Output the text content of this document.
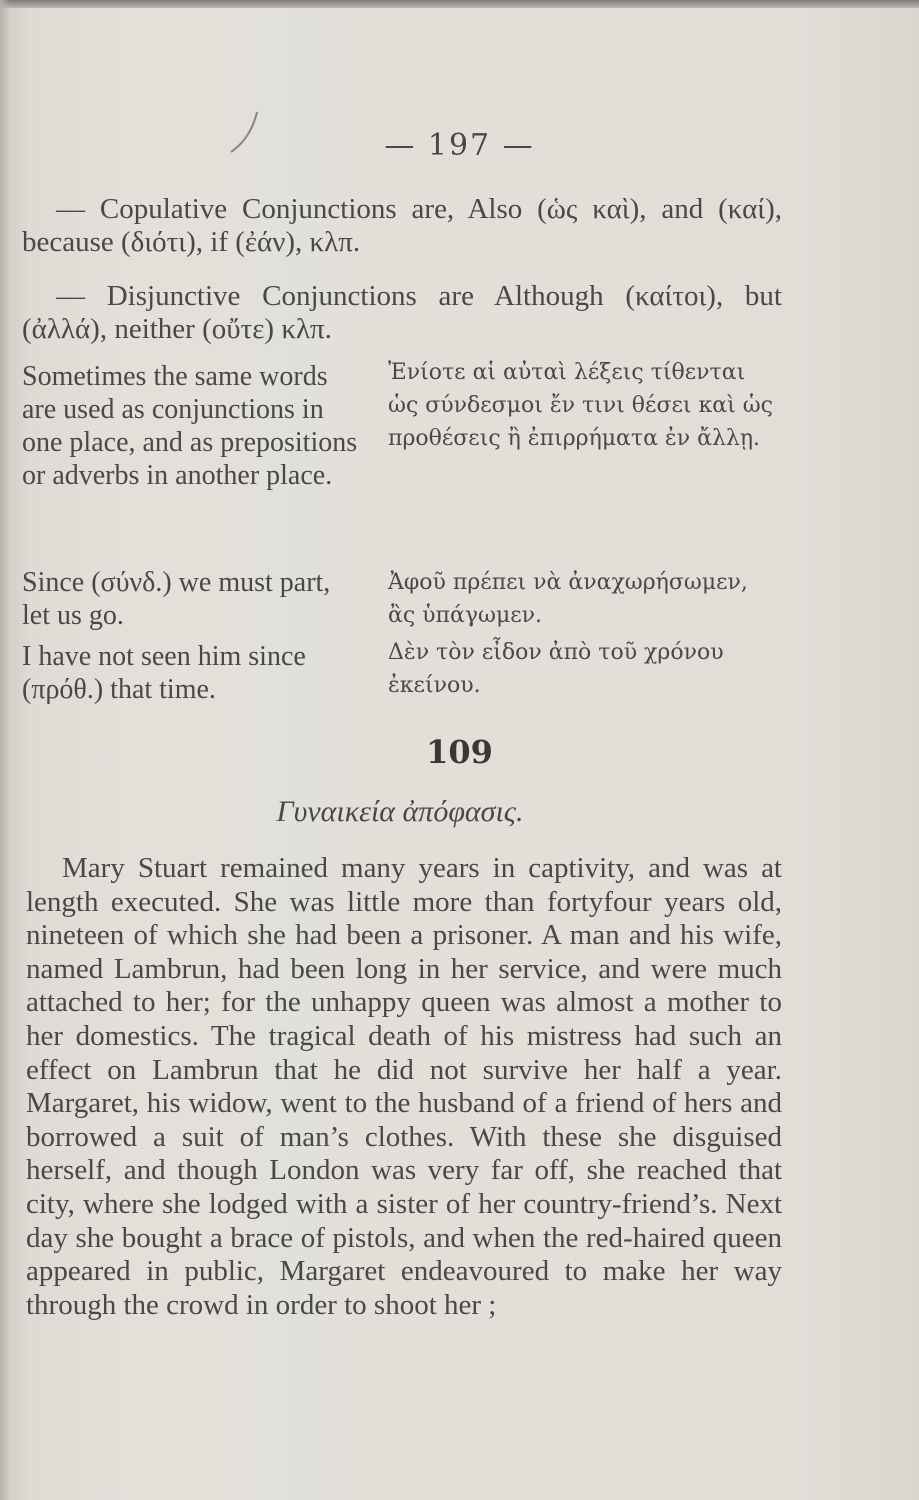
— 197 —
— Copulative Conjunctions are, Also (ὡς καὶ), and (καί), because (διότι), if (ἐάν), κλπ.
— Disjunctive Conjunctions are Although (καίτοι), but (ἀλλά), neither (οὔτε) κλπ.
Sometimes the same words are used as conjunctions in one place, and as prepositions or adverbs in another place.
Ἐνίοτε αἱ αὐταὶ λέξεις τίθενται ὡς σύνδεσμοι ἔν τινι θέσει καὶ ὡς προθέσεις ἢ ἐπιρρήματα ἐν ἄλλῃ.
Since (σύνδ.) we must part, let us go.
Ἀφοῦ πρέπει νὰ ἀναχωρήσωμεν, ἂς ὑπάγωμεν.
I have not seen him since (πρόθ.) that time.
Δὲν τὸν εἶδον ἀπὸ τοῦ χρόνου ἐκείνου.
109
Γυναικεία ἀπόφασις.
Mary Stuart remained many years in captivity, and was at length executed. She was little more than fortyfour years old, nineteen of which she had been a prisoner. A man and his wife, named Lambrun, had been long in her service, and were much attached to her; for the unhappy queen was almost a mother to her domestics. The tragical death of his mistress had such an effect on Lambrun that he did not survive her half a year. Margaret, his widow, went to the husband of a friend of hers and borrowed a suit of man’s clothes. With these she disguised herself, and though London was very far off, she reached that city, where she lodged with a sister of her country-friend’s. Next day she bought a brace of pistols, and when the red-haired queen appeared in public, Margaret endeavoured to make her way through the crowd in order to shoot her ;
